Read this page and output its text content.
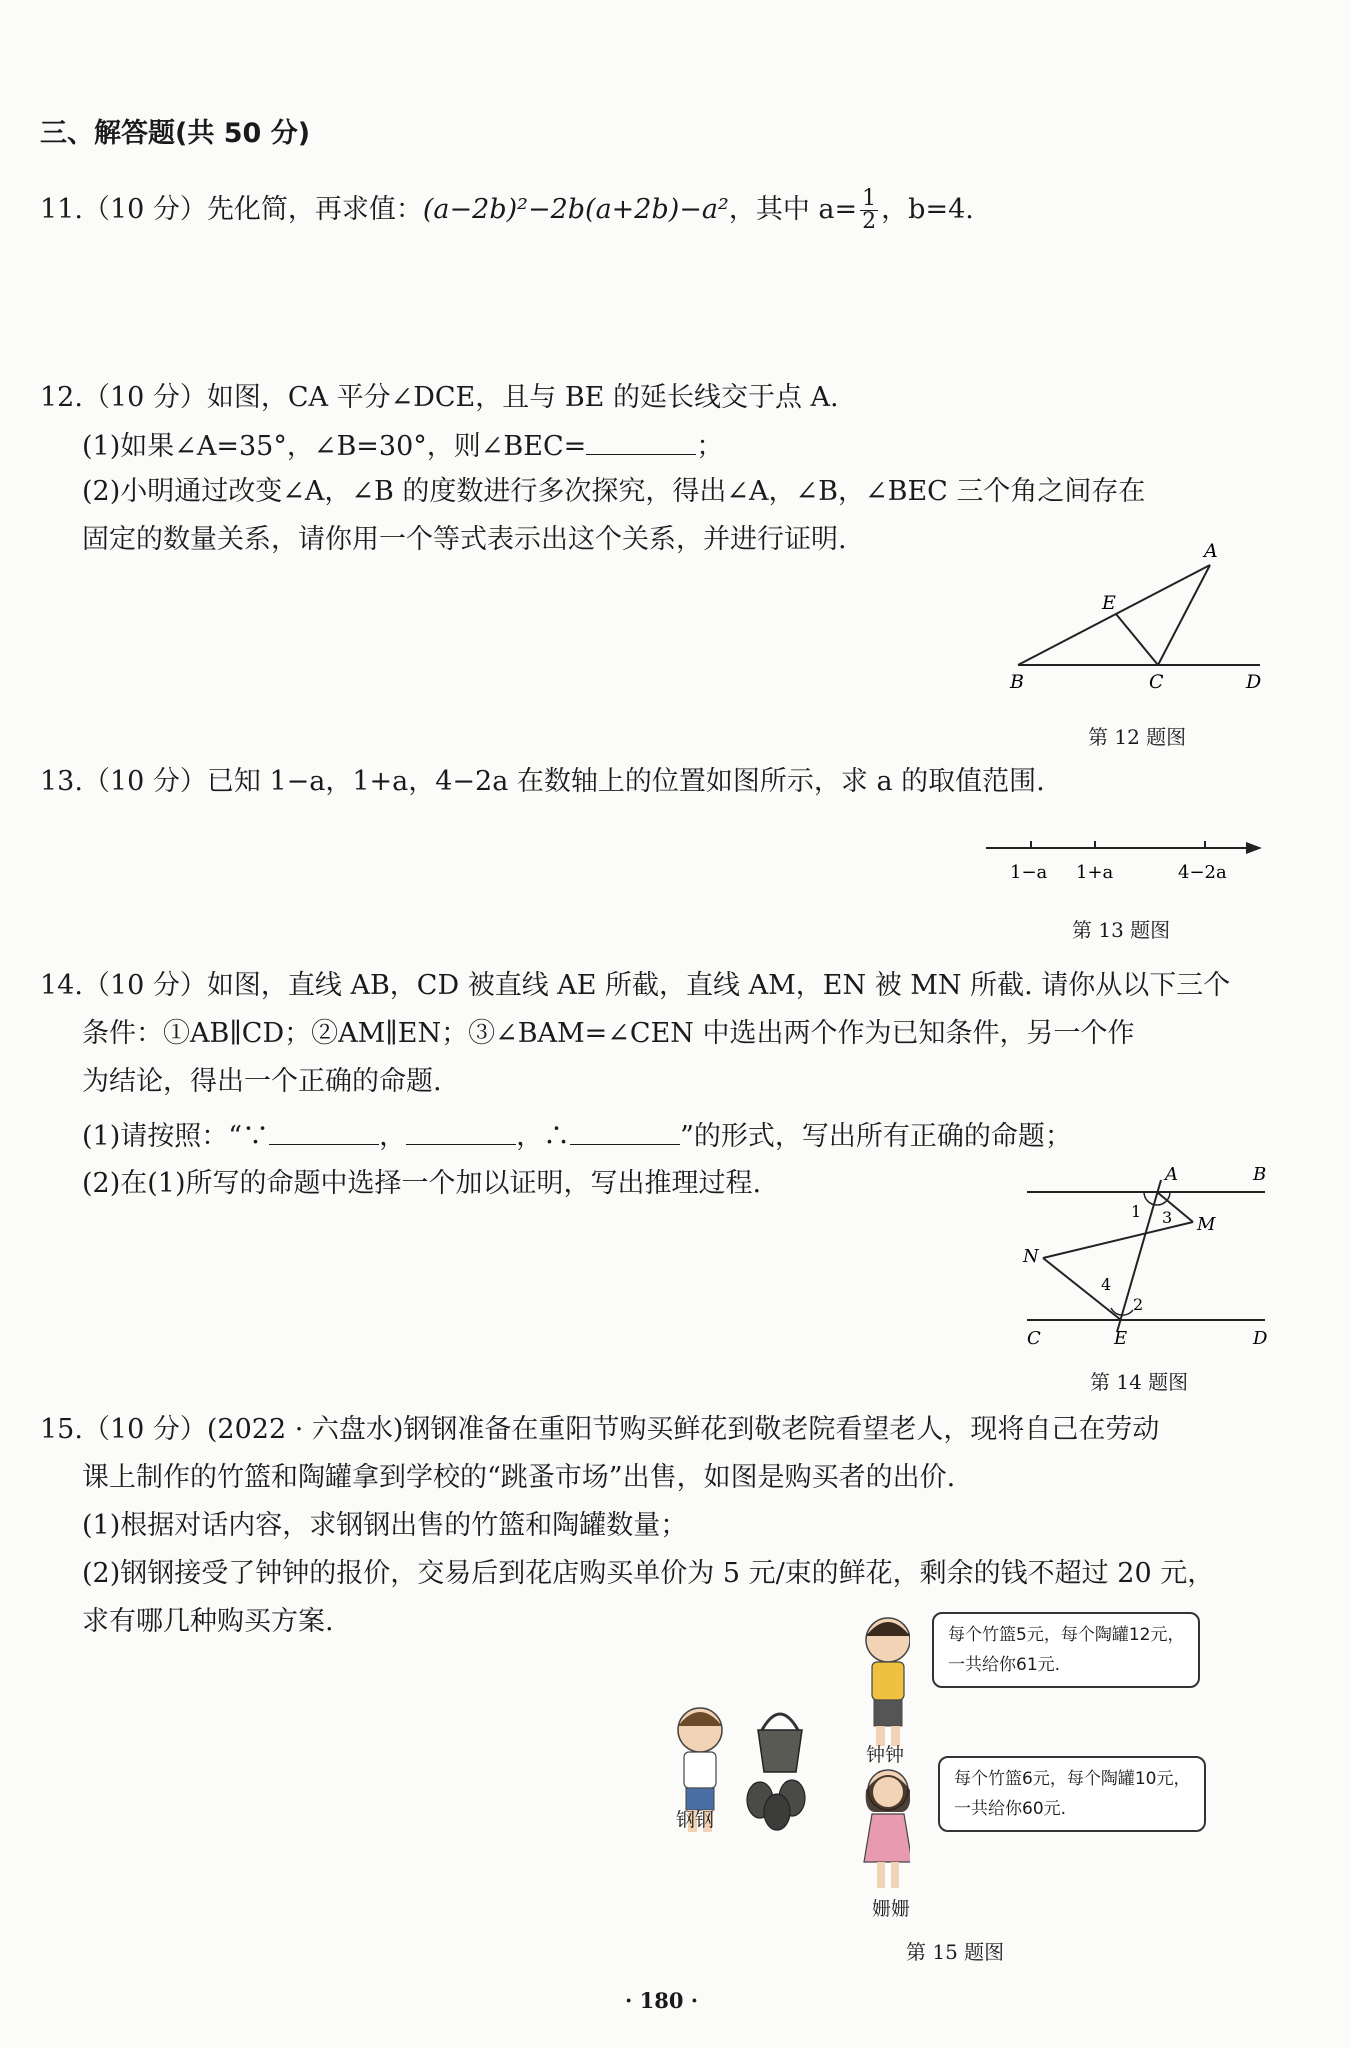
三、解答题(共 50 分)
11.（10 分）先化简，再求值：(a−2b)²−2b(a+2b)−a²，其中 $a= \frac{1}{2}$ ，b=4.
12.（10 分）如图，CA 平分∠DCE，且与 BE 的延长线交于点 A.
(1)如果∠A=35°，∠B=30°，则∠BEC=	；
(2)小明通过改变∠A，∠B 的度数进行多次探究，得出∠A，∠B，∠BEC 三个角之间存在
固定的数量关系，请你用一个等式表示出这个关系，并进行证明.	A
E
B	C	D
第 12 题图
13.（10 分）已知 1−a，1+a，4−2a 在数轴上的位置如图所示，求 a 的取值范围.
1−a 1+a	4−2a
第 13 题图
14.（10 分）如图，直线 AB，CD 被直线 AE 所截，直线 AM，EN 被 MN 所截. 请你从以下三个
条件：①AB∥CD；②AM∥EN；③∠BAM=∠CEN 中选出两个作为已知条件，另一个作
为结论，得出一个正确的命题.
(1)请按照：“∵	，	，∴	”的形式，写出所有正确的命题；
(2)在(1)所写的命题中选择一个加以证明，写出推理过程.	A	B
M
N
C	E	D
1 3
4
2
第 14 题图
15.（10 分）(2022 · 六盘水)钢钢准备在重阳节购买鲜花到敬老院看望老人，现将自己在劳动
课上制作的竹篮和陶罐拿到学校的“跳蚤市场”出售，如图是购买者的出价.
(1)根据对话内容，求钢钢出售的竹篮和陶罐数量；
(2)钢钢接受了钟钟的报价，交易后到花店购买单价为 5 元/束的鲜花，剩余的钱不超过 20 元，
求有哪几种购买方案.
钟钟
钢钢
姗姗
每个竹篮5元，每个陶罐12元，
一共给你61元.
每个竹篮6元，每个陶罐10元，
一共给你60元.
第 15 题图
· 180 ·
